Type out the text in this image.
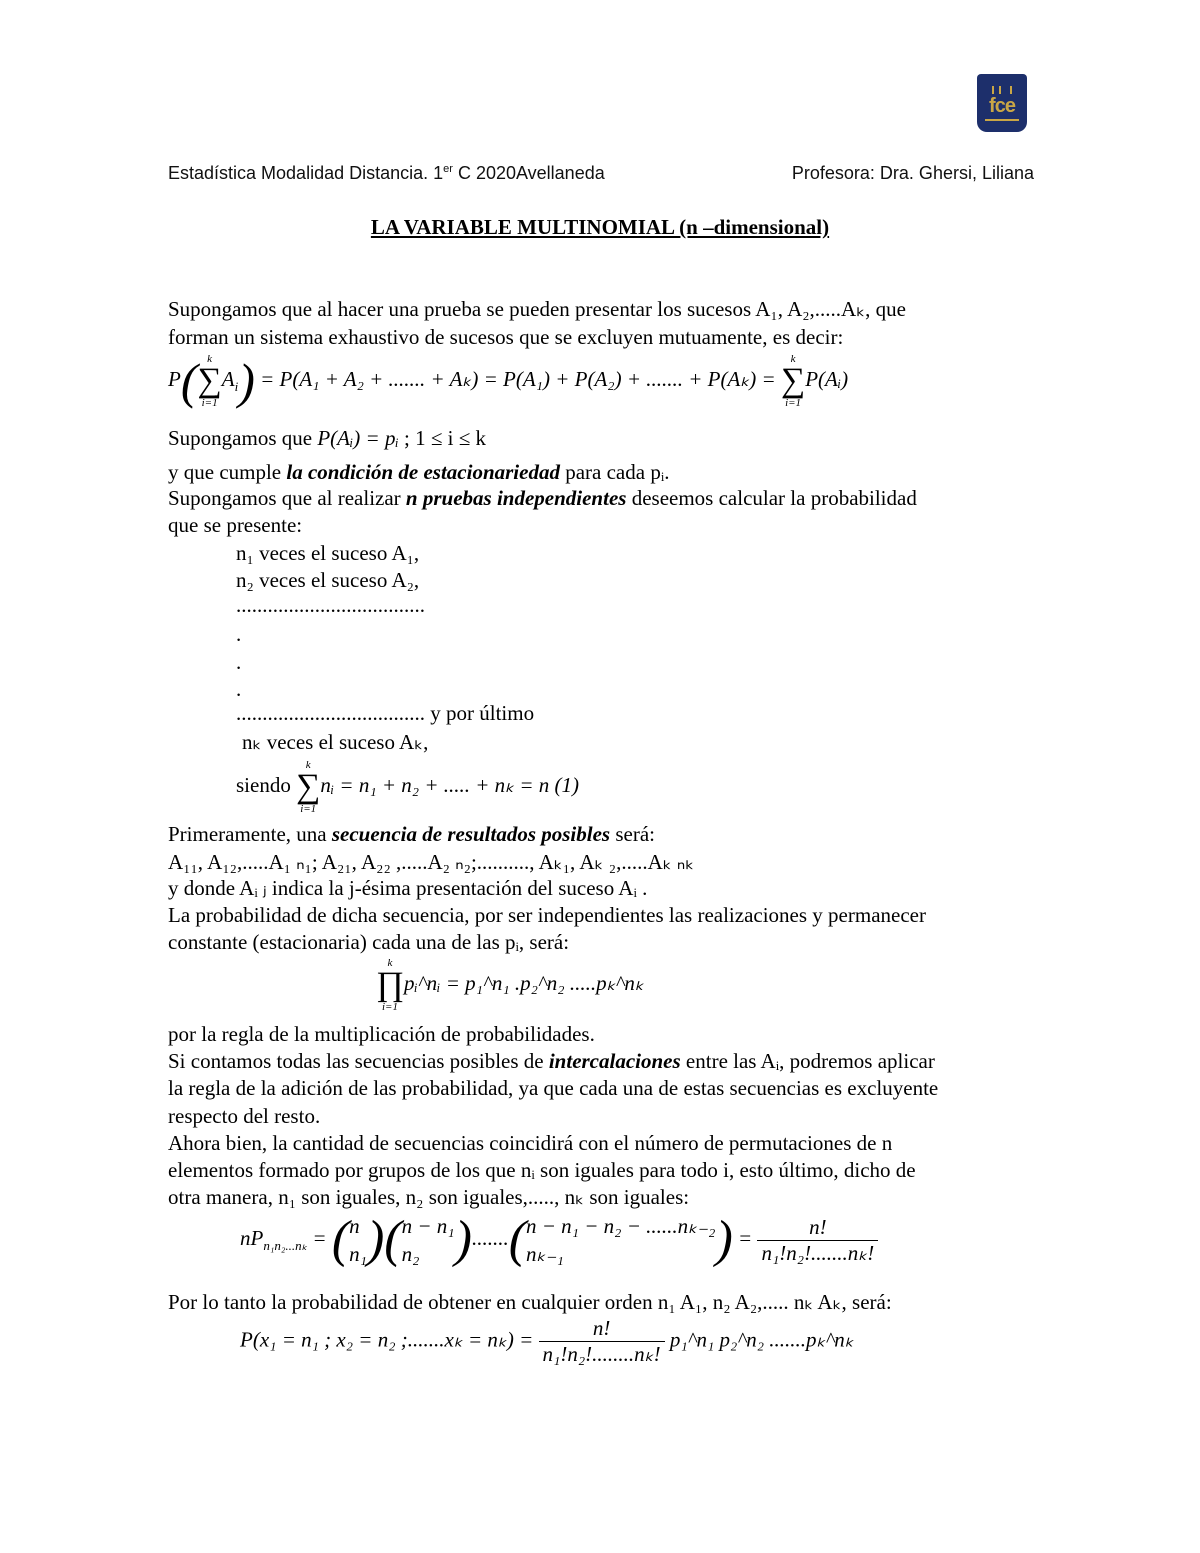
fce
Estadística Modalidad Distancia. 1er C 2020Avellaneda	Profesora: Dra. Ghersi, Liliana
LA VARIABLE MULTINOMIAL (n –dimensional)
Supongamos que al hacer una prueba se pueden presentar los sucesos A₁, A₂,.....Aₖ, que
forman un sistema exhaustivo de sucesos que se excluyen mutuamente, es decir:
P( k
∑
i=1
$A_i) = P(A_1 + A_2$ + ....... + Aₖ) = P(A₁) + P(A₂) + ....... + P(Aₖ) =
k
∑
i=1
P(Aᵢ)
Supongamos que P(Aᵢ) = pᵢ ; 1 ≤ i ≤ k
y que cumple la condición de estacionariedad para cada pᵢ.
Supongamos que al realizar n pruebas independientes deseemos calcular la probabilidad
que se presente:
n₁ veces el suceso A₁,
n₂ veces el suceso A₂,
....................................
.
.
.
.................................... y por último
nₖ veces el suceso Aₖ,
siendo
k
∑
i=1
nᵢ = n₁ + n₂ + ..... + nₖ = n (1)
Primeramente, una secuencia de resultados posibles será:
A₁₁, A₁₂,.....A₁ ₙ₁; A₂₁, A₂₂ ,.....A₂ ₙ₂;.........., Aₖ₁, Aₖ ₂,.....Aₖ ₙₖ
y donde Aᵢ ⱼ indica la j-ésima presentación del suceso Aᵢ .
La probabilidad de dicha secuencia, por ser independientes las realizaciones y permanecer
constante (estacionaria) cada una de las pᵢ, será:
k
∏
i=1
pᵢ^nᵢ = p₁^n₁ .p₂^n₂ .....pₖ^nₖ
por la regla de la multiplicación de probabilidades.
Si contamos todas las secuencias posibles de intercalaciones entre las Aᵢ, podremos aplicar
la regla de la adición de las probabilidad, ya que cada una de estas secuencias es excluyente
respecto del resto.
Ahora bien, la cantidad de secuencias coincidirá con el número de permutaciones de n
elementos formado por grupos de los que nᵢ son iguales para todo i, esto último, dicho de
otra manera, n₁ son iguales, n₂ son iguales,....., nₖ son iguales:
$nP_{n_1n_2...n_k}$ = ( n
n₁ )( n − n₁
n₂ ).......( n − n₁ − n₂ − ......nₖ₋₂
nₖ₋₁	) = $\frac{n!}{\text{n₁!n₂!.......nₖ!}}$
Por lo tanto la probabilidad de obtener en cualquier orden n₁ A₁, n₂ A₂,..... nₖ Aₖ, será:
P(x₁ = n₁ ; x₂ = n₂ ;.......xₖ = $n_k) = \frac{n!}{\text{n₁!n₂!........nₖ!}}$ p₁^n₁ p₂^n₂ .......pₖ^nₖ
